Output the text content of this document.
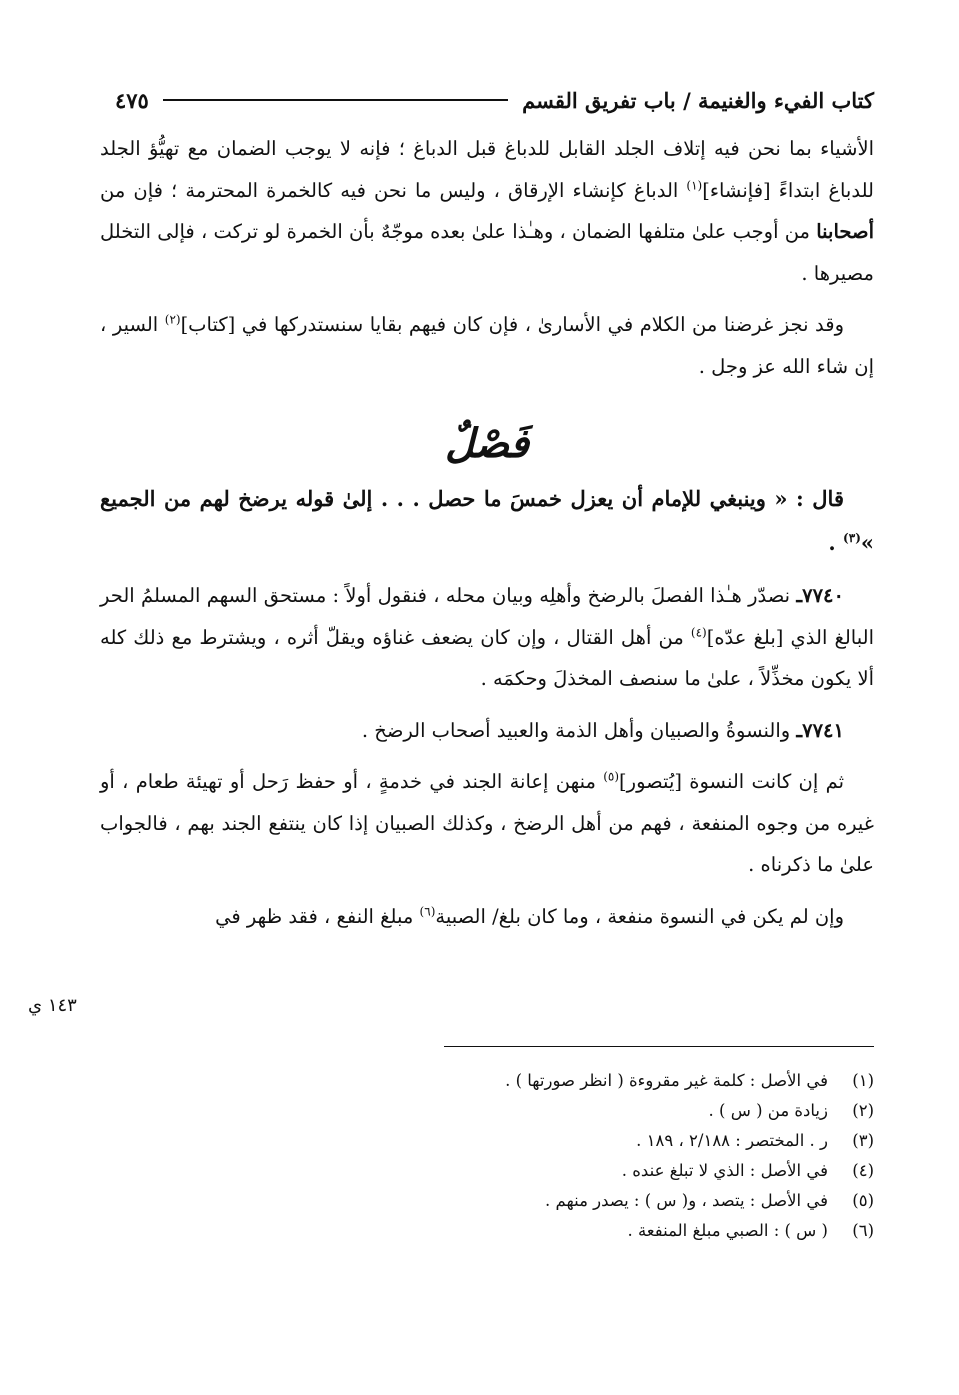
كتاب الفيء والغنيمة / باب تفريق القسم
٤٧٥

الأشياء بما نحن فيه إتلاف الجلد القابل للدباغ قبل الدباغ ؛ فإنه لا يوجب الضمان مع تهيُّؤ الجلد للدباغ ابتداءً [فإنشاء]$^{(١)}$ الدباغ كإنشاء الإرقاق ، وليس ما نحن فيه كالخمرة المحترمة ؛ فإن من أصحابنا من أوجب علىٰ متلفها الضمان ، وهـٰذا علىٰ بعده موجّهٌ بأن الخمرة لو تركت ، فإلى التخلل مصيرها .

وقد نجز غرضنا من الكلام في الأسارىٰ ، فإن كان فيهم بقايا سنستدركها في [كتاب]$^{(٢)}$ السير ، إن شاء الله عز وجل .

فَصْلٌ

قال : « وينبغي للإمام أن يعزل خمسَ ما حصل . . . إلىٰ قوله يرضخ لهم من الجميع »$^{(٣)}$ .

٧٧٤٠ـ نصدّر هـٰذا الفصلَ بالرضخ وأهلِه وبيان محله ، فنقول أولاً : مستحق السهم المسلمُ الحر البالغ الذي [بلغ عدّه]$^{(٤)}$ من أهل القتال ، وإن كان يضعف غناؤه ويقلّ أثره ، ويشترط مع ذلك كله ألا يكون مخذِّلاً ، علىٰ ما سنصف المخذلَ وحكمَه .

٧٧٤١ـ والنسوةُ والصبيان وأهل الذمة والعبيد أصحاب الرضخ .

ثم إن كانت النسوة [يُتصور]$^{(٥)}$ منهن إعانة الجند في خدمةٍ ، أو حفظ رَحل أو تهيئة طعام ، أو غيره من وجوه المنفعة ، فهم من أهل الرضخ ، وكذلك الصبيان إذا كان ينتفع الجند بهم ، فالجواب علىٰ ما ذكرناه .

وإن لم يكن في النسوة منفعة ، وما كان بلغ/ الصبية$^{(٦)}$ مبلغ النفع ، فقد ظهر في

١٤٣ ي
(١)
في الأصل : كلمة غير مقروءة ( انظر صورتها ) .
(٢)
زيادة من ( س ) .
(٣)
ر . المختصر : ٢/١٨٨ ، ١٨٩ .
(٤)
في الأصل : الذي لا تبلغ عنده .
(٥)
في الأصل : يتصد ، و( س ) : يصدر منهم .
(٦)
( س ) : الصبي مبلغ المنفعة .
